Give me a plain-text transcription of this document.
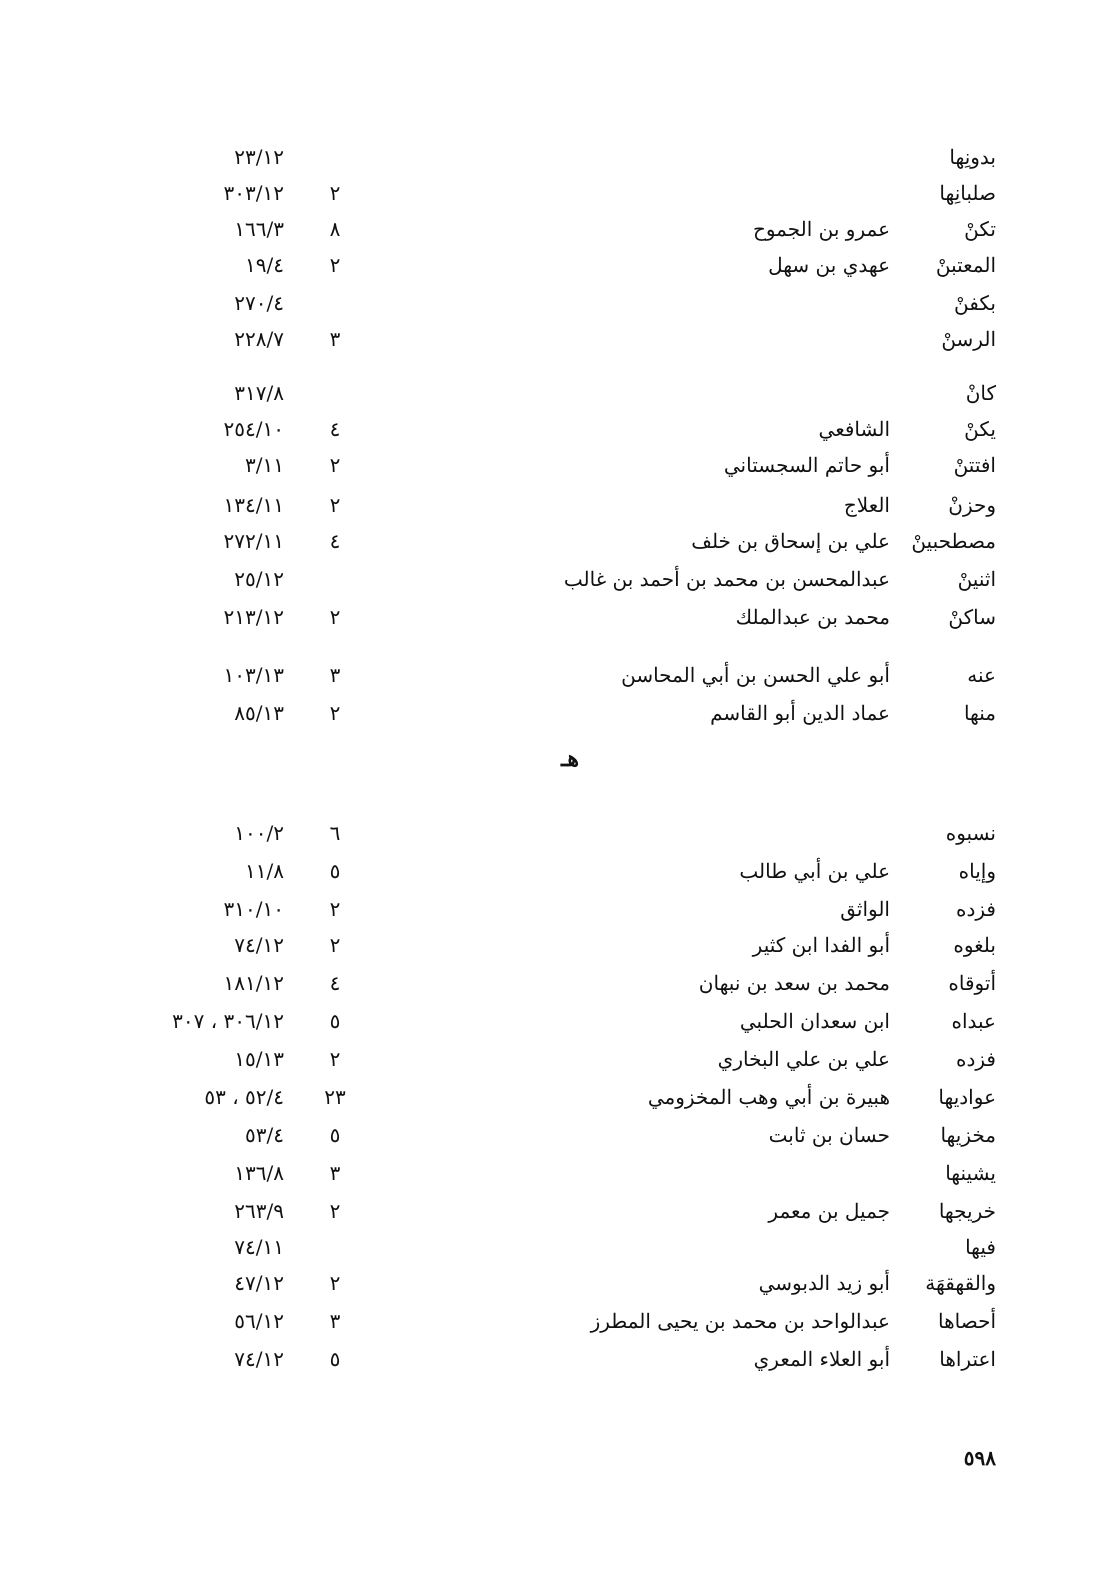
بدونِها
٢٣/١٢
صلبانِها
٢
٣٠٣/١٢
تكنْ
عمرو بن الجموح
٨
١٦٦/٣
المعتبنْ
عهدي بن سهل
٢
١٩/٤
بكفنْ
٢٧٠/٤
الرسنْ
٣
٢٢٨/٧
كانْ
٣١٧/٨
يكنْ
الشافعي
٤
٢٥٤/١٠
افتتنْ
أبو حاتم السجستاني
٢
٣/١١
وحزنْ
العلاج
٢
١٣٤/١١
مصطحبينْ
علي بن إسحاق بن خلف
٤
٢٧٢/١١
اثنينْ
عبدالمحسن بن محمد بن أحمد بن غالب
٢٥/١٢
ساكنْ
محمد بن عبدالملك
٢
٢١٣/١٢
عنه
أبو علي الحسن بن أبي المحاسن
٣
١٠٣/١٣
منها
عماد الدين أبو القاسم
٢
٨٥/١٣
هـ
نسبوه
٦
١٠٠/٢
وإياه
علي بن أبي طالب
٥
١١/٨
فزده
الواثق
٢
٣١٠/١٠
بلغوه
أبو الفدا ابن كثير
٢
٧٤/١٢
أتوقاه
محمد بن سعد بن نبهان
٤
١٨١/١٢
عبداه
ابن سعدان الحلبي
٥
٣٠٦/١٢ ، ٣٠٧
فزده
علي بن علي البخاري
٢
١٥/١٣
عواديها
هبيرة بن أبي وهب المخزومي
٢٣
٥٢/٤ ، ٥٣
مخزيها
حسان بن ثابت
٥
٥٣/٤
يشينها
٣
١٣٦/٨
خريجها
جميل بن معمر
٢
٢٦٣/٩
فيها
٧٤/١١
والقهقهَة
أبو زيد الدبوسي
٢
٤٧/١٢
أحصاها
عبدالواحد بن محمد بن يحيى المطرز
٣
٥٦/١٢
اعتراها
أبو العلاء المعري
٥
٧٤/١٢
٥٩٨
